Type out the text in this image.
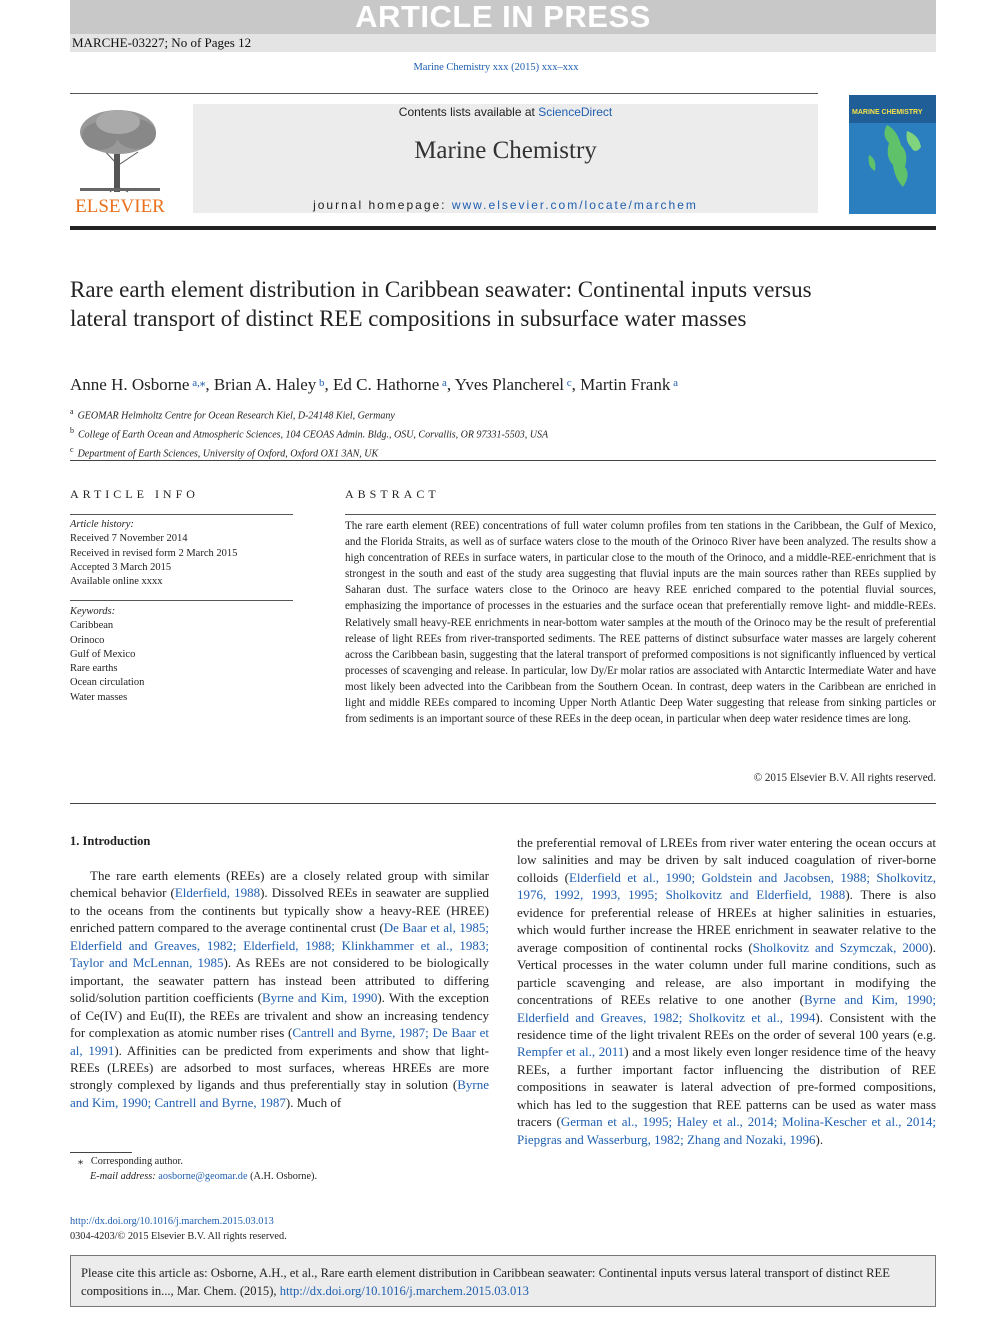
ARTICLE IN PRESS
MARCHE-03227; No of Pages 12
Marine Chemistry xxx (2015) xxx–xxx
Contents lists available at ScienceDirect
Marine Chemistry
journal homepage: www.elsevier.com/locate/marchem
ELSEVIER
MARINE CHEMISTRY
Rare earth element distribution in Caribbean seawater: Continental inputs versus lateral transport of distinct REE compositions in subsurface water masses
Anne H. Osborne $^{a,⁎}$, Brian A. Haley $^b$, Ed C. Hathorne $^a$, Yves Plancherel $^c$, Martin Frank $^a$
$^a$ GEOMAR Helmholtz Centre for Ocean Research Kiel, D-24148 Kiel, Germany
$^b$ College of Earth Ocean and Atmospheric Sciences, 104 CEOAS Admin. Bldg., OSU, Corvallis, OR 97331-5503, USA
$^c$ Department of Earth Sciences, University of Oxford, Oxford OX1 3AN, UK
ARTICLE INFO	ABSTRACT
Article history:
Received 7 November 2014
Received in revised form 2 March 2015
Accepted 3 March 2015
Available online xxxx
Keywords:
Caribbean
Orinoco
Gulf of Mexico
Rare earths
Ocean circulation
Water masses
The rare earth element (REE) concentrations of full water column profiles from ten stations in the Caribbean, the Gulf of Mexico, and the Florida Straits, as well as of surface waters close to the mouth of the Orinoco River have been analyzed. The results show a high concentration of REEs in surface waters, in particular close to the mouth of the Orinoco, and a middle-REE-enrichment that is strongest in the south and east of the study area suggesting that fluvial inputs are the main sources rather than REEs supplied by Saharan dust. The surface waters close to the Orinoco are heavy REE enriched compared to the potential fluvial sources, emphasizing the importance of processes in the estuaries and the surface ocean that preferentially remove light- and middle-REEs. Relatively small heavy-REE enrichments in near-bottom water samples at the mouth of the Orinoco may be the result of preferential release of light REEs from river-transported sediments. The REE patterns of distinct subsurface water masses are largely coherent across the Caribbean basin, suggesting that the lateral transport of preformed compositions is not significantly influenced by vertical processes of scavenging and release. In particular, low Dy/Er molar ratios are associated with Antarctic Intermediate Water and have most likely been advected into the Caribbean from the Southern Ocean. In contrast, deep waters in the Caribbean are enriched in light and middle REEs compared to incoming Upper North Atlantic Deep Water suggesting that release from sinking particles or from sediments is an important source of these REEs in the deep ocean, in particular when deep water residence times are long.
© 2015 Elsevier B.V. All rights reserved.
1. Introduction
The rare earth elements (REEs) are a closely related group with similar chemical behavior (Elderfield, 1988). Dissolved REEs in seawater are supplied to the oceans from the continents but typically show a heavy-REE (HREE) enriched pattern compared to the average continental crust (De Baar et al, 1985; Elderfield and Greaves, 1982; Elderfield, 1988; Klinkhammer et al., 1983; Taylor and McLennan, 1985). As REEs are not considered to be biologically important, the seawater pattern has instead been attributed to differing solid/solution partition coefficients (Byrne and Kim, 1990). With the exception of Ce(IV) and Eu(II), the REEs are trivalent and show an increasing tendency for complexation as atomic number rises (Cantrell and Byrne, 1987; De Baar et al, 1991). Affinities can be predicted from experiments and show that light-REEs (LREEs) are adsorbed to most surfaces, whereas HREEs are more strongly complexed by ligands and thus preferentially stay in solution (Byrne and Kim, 1990; Cantrell and Byrne, 1987). Much of
the preferential removal of LREEs from river water entering the ocean occurs at low salinities and may be driven by salt induced coagulation of river-borne colloids (Elderfield et al., 1990; Goldstein and Jacobsen, 1988; Sholkovitz, 1976, 1992, 1993, 1995; Sholkovitz and Elderfield, 1988). There is also evidence for preferential release of HREEs at higher salinities in estuaries, which would further increase the HREE enrichment in seawater relative to the average composition of continental rocks (Sholkovitz and Szymczak, 2000). Vertical processes in the water column under full marine conditions, such as particle scavenging and release, are also important in modifying the concentrations of REEs relative to one another (Byrne and Kim, 1990; Elderfield and Greaves, 1982; Sholkovitz et al., 1994). Consistent with the residence time of the light trivalent REEs on the order of several 100 years (e.g. Rempfer et al., 2011) and a most likely even longer residence time of the heavy REEs, a further important factor influencing the distribution of REE compositions in seawater is lateral advection of pre-formed compositions, which has led to the suggestion that REE patterns can be used as water mass tracers (German et al., 1995; Haley et al., 2014; Molina-Kescher et al., 2014; Piepgras and Wasserburg, 1982; Zhang and Nozaki, 1996).
⁎ Corresponding author.
E-mail address: aosborne@geomar.de (A.H. Osborne).
http://dx.doi.org/10.1016/j.marchem.2015.03.013
0304-4203/© 2015 Elsevier B.V. All rights reserved.
Please cite this article as: Osborne, A.H., et al., Rare earth element distribution in Caribbean seawater: Continental inputs versus lateral transport of distinct REE compositions in..., Mar. Chem. (2015), http://dx.doi.org/10.1016/j.marchem.2015.03.013
